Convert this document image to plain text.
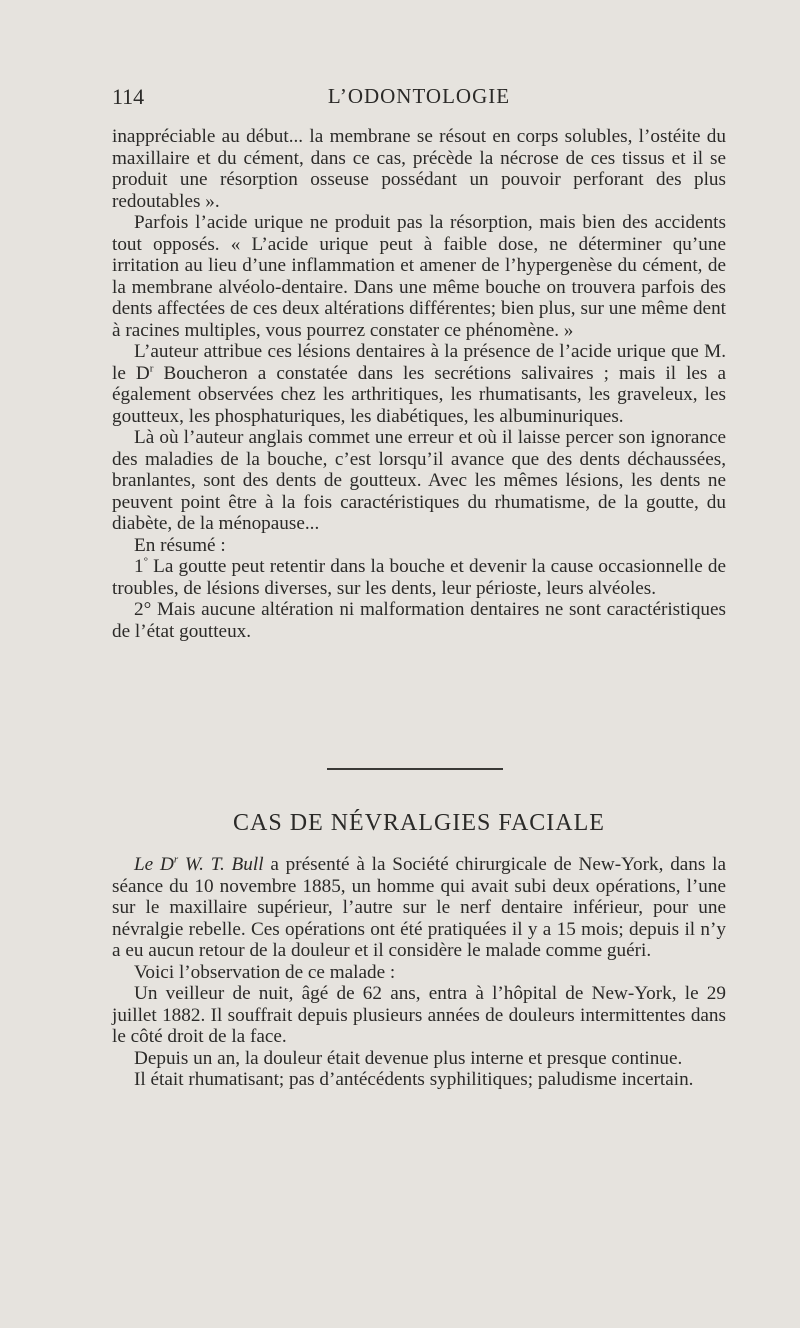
114	L’ODONTOLOGIE

inappréciable au début... la membrane se résout en corps solubles, l’ostéite du maxillaire et du cément, dans ce cas, précède la nécrose de ces tissus et il se produit une résorption osseuse possédant un pouvoir perforant des plus redoutables ».

Parfois l’acide urique ne produit pas la résorption, mais bien des accidents tout opposés. « L’acide urique peut à faible dose, ne déterminer qu’une irritation au lieu d’une inflammation et amener de l’hypergenèse du cément, de la membrane alvéolo-dentaire. Dans une même bouche on trouvera parfois des dents affectées de ces deux altérations différentes; bien plus, sur une même dent à racines multiples, vous pourrez constater ce phénomène. »

L’auteur attribue ces lésions dentaires à la présence de l’acide urique que M. le $D^r$ Boucheron a constatée dans les secrétions salivaires ; mais il les a également observées chez les arthritiques, les rhumatisants, les graveleux, les goutteux, les phosphaturiques, les diabétiques, les albuminuriques.

Là où l’auteur anglais commet une erreur et où il laisse percer son ignorance des maladies de la bouche, c’est lorsqu’il avance que des dents déchaussées, branlantes, sont des dents de goutteux. Avec les mêmes lésions, les dents ne peuvent point être à la fois caractéristiques du rhumatisme, de la goutte, du diabète, de la ménopause...

En résumé :

1° La goutte peut retentir dans la bouche et devenir la cause occasionnelle de troubles, de lésions diverses, sur les dents, leur périoste, leurs alvéoles.

2° Mais aucune altération ni malformation dentaires ne sont caractéristiques de l’état goutteux.

CAS DE NÉVRALGIES FACIALE

Le $D^r$ W. T. Bull a présenté à la Société chirurgicale de New-York, dans la séance du 10 novembre 1885, un homme qui avait subi deux opérations, l’une sur le maxillaire supérieur, l’autre sur le nerf dentaire inférieur, pour une névralgie rebelle. Ces opérations ont été pratiquées il y a 15 mois; depuis il n’y a eu aucun retour de la douleur et il considère le malade comme guéri.

Voici l’observation de ce malade :

Un veilleur de nuit, âgé de 62 ans, entra à l’hôpital de New-York, le 29 juillet 1882. Il souffrait depuis plusieurs années de douleurs intermittentes dans le côté droit de la face.

Depuis un an, la douleur était devenue plus interne et presque continue.

Il était rhumatisant; pas d’antécédents syphilitiques; paludisme incertain.
